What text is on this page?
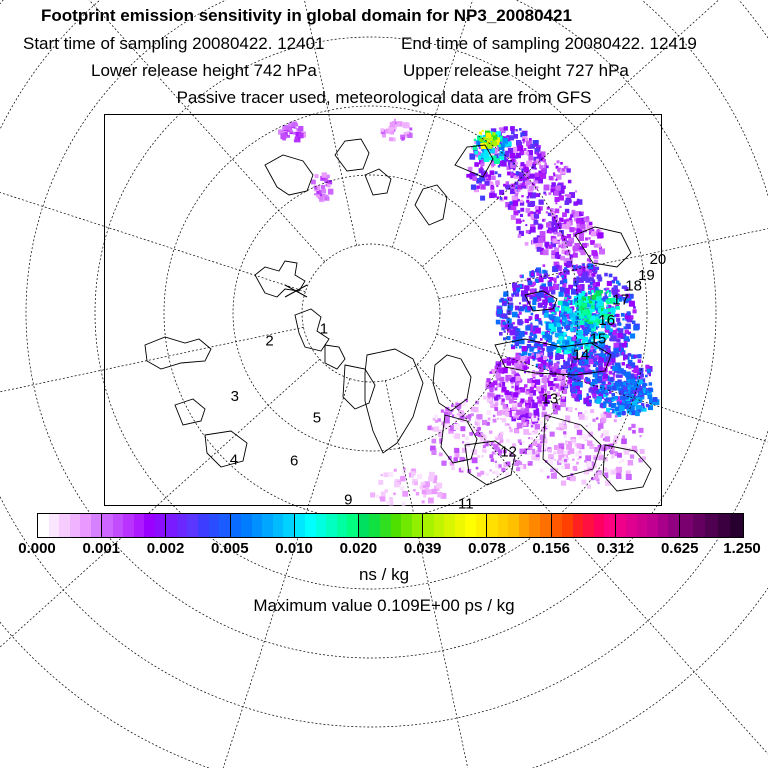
Footprint emission sensitivity in global domain for NP3_20080421
Start time of sampling 20080422. 12401	End time of sampling 20080422. 12419
Lower release height 742 hPa	Upper release height 727 hPa
Passive tracer used, meteorological data are from GFS
1
2
3
4
5
6
9	11
12
13
14
15
16
17
18
19
20
0.000 0.001 0.002 0.005 0.010 0.020 0.039 0.078 0.156 0.312 0.625 1.250
ns / kg
Maximum value 0.109E+00 ps / kg
